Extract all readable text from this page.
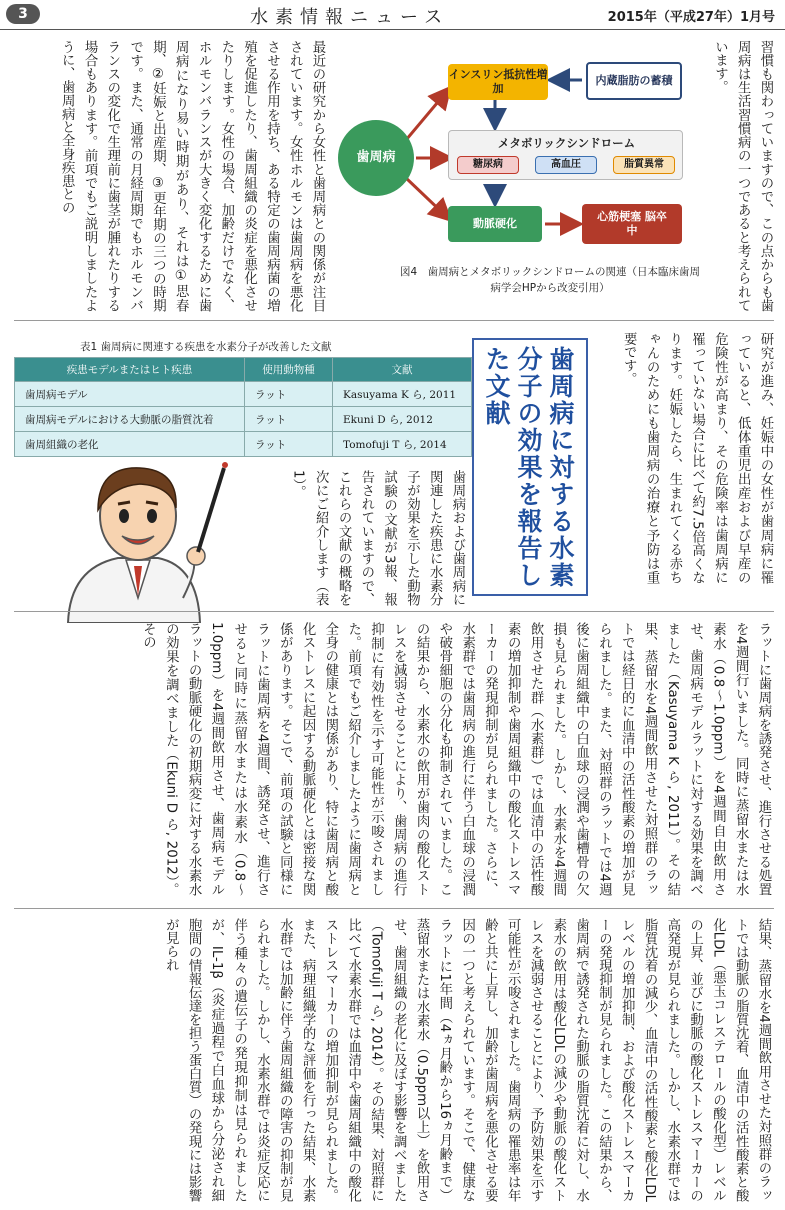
3	水素情報ニュース	2015年（平成27年）1月号
習慣も関わっていますので、この点からも歯周病は生活習慣病の一つであると考えられています。
最近の研究から女性と歯周病との関係が注目されています。女性ホルモンは歯周病を悪化させる作用を持ち、ある特定の歯周病菌の増殖を促進したり、歯周組織の炎症を悪化させたりします。女性の場合、加齢だけでなく、ホルモンバランスが大きく変化するために歯周病になり易い時期があり、それは①思春期、②妊娠と出産期、③更年期の三つの時期です。また、通常の月経周期でもホルモンバランスの変化で生理前に歯茎が腫れたりする場合もあります。前項でもご説明しましたように、歯周病と全身疾患との	歯周病
インスリン抵抗性増加
内蔵脂肪の蓄積
メタボリックシンドローム
糖尿病	高血圧	脂質異常
動脈硬化
心筋梗塞 脳卒中
図4　歯周病とメタボリックシンドロームの関連（日本臨床歯周病学会HPから改変引用）
研究が進み、妊娠中の女性が歯周病に罹っていると、低体重児出産および早産の危険性が高まり、その危険率は歯周病に罹っていない場合に比べて約7.5倍高くなります。妊娠したら、生まれてくる赤ちゃんのためにも歯周病の治療と予防は重要です。
歯周病に対する水素分子の効果を報告した文献
表1 歯周病に関連する疾患を水素分子が改善した文献
疾患モデルまたはヒト疾患	使用動物種	文献
歯周病モデル	ラット	Kasuyama K ら, 2011
歯周病モデルにおける大動脈の脂質沈着	ラット	Ekuni D ら, 2012
歯周組織の老化	ラット	Tomofuji T ら, 2014
歯周病および歯周病に関連した疾患に水素分子が効果を示した動物試験の文献が3報、報告されていますので、これらの文献の概略を次にご紹介します（表1）。
ラットに歯周病を誘発させ、進行させる処置を4週間行いました。同時に蒸留水または水素水（0.8〜1.0ppm）を4週間自由飲用させ、歯周病モデルラットに対する効果を調べました（Kasuyama K ら, 2011）。その結果、蒸留水を4週間飲用させた対照群のラットでは経日的に血清中の活性酸素の増加が見られました。また、対照群のラットでは4週後に歯周組織中の白血球の浸潤や歯槽骨の欠損も見られました。しかし、水素水を4週間飲用させた群（水素群）では血清中の活性酸素の増加抑制や歯周組織中の酸化ストレスマーカーの発現抑制が見られました。さらに、水素群では歯周病の進行に伴う白血球の浸潤や破骨細胞の分化も抑制されていました。この結果から、水素水の飲用が歯肉の酸化ストレスを減弱させることにより、歯周病の進行抑制に有効性を示す可能性が示唆されました。前項でもご紹介しましたように歯周病と全身の健康とは関係があり、特に歯周病と酸化ストレスに起因する動脈硬化とは密接な関係があります。そこで、前項の試験と同様にラットに歯周病を4週間、誘発させ、進行させると同時に蒸留水または水素水（0.8〜1.0ppm）を4週間飲用させ、歯周病モデルラットの動脈硬化の初期病変に対する水素水の効果を調べました（Ekuni D ら, 2012）。その
結果、蒸留水を4週間飲用させた対照群のラットでは動脈の脂質沈着、血清中の活性酸素と酸化LDL（悪玉コレステロールの酸化型）レベルの上昇、並びに動脈の酸化ストレスマーカーの高発現が見られました。しかし、水素水群では脂質沈着の減少、血清中の活性酸素と酸化LDLレベルの増加抑制、および酸化ストレスマーカーの発現抑制が見られました。この結果から、歯周病で誘発された動脈の脂質沈着に対し、水素水の飲用は酸化LDLの減少や動脈の酸化ストレスを減弱させることにより、予防効果を示す可能性が示唆されました。歯周病の罹患率は年齢と共に上昇し、加齢が歯周病を悪化させる要因の一つと考えられています。そこで、健康なラットに1年間（4ヵ月齢から16ヵ月齢まで）蒸留水または水素水（0.5ppm以上）を飲用させ、歯周組織の老化に及ぼす影響を調べました（Tomofuji T ら, 2014）。その結果、対照群に比べて水素水群では血清中や歯周組織中の酸化ストレスマーカーの増加抑制が見られました。また、病理組織学的な評価を行った結果、水素水群では加齢に伴う歯周組織の障害の抑制が見られました。しかし、水素水群では炎症反応に伴う種々の遺伝子の発現抑制は見られましたが、IL-1β（炎症過程で白血球から分泌され細胞間の情報伝達を担う蛋白質）の発現には影響が見られ
